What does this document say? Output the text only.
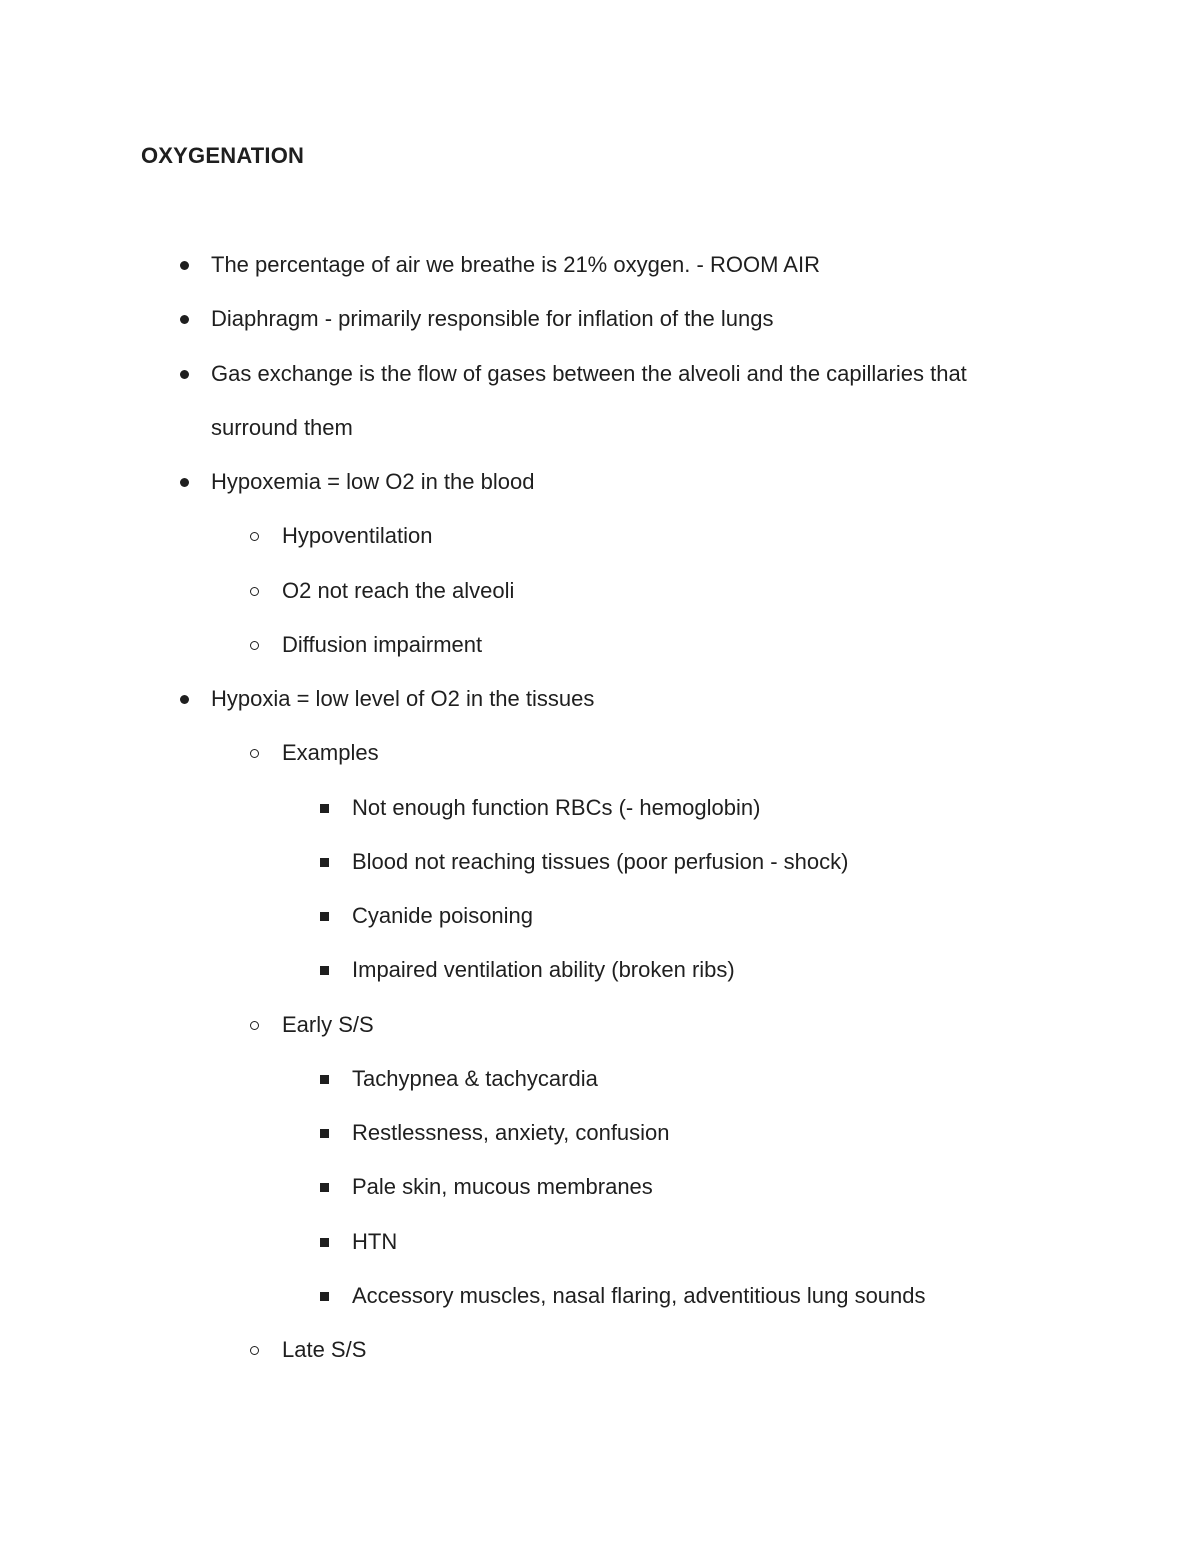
OXYGENATION
The percentage of air we breathe is 21% oxygen. - ROOM AIR
Diaphragm - primarily responsible for inflation of the lungs
Gas exchange is the flow of gases between the alveoli and the capillaries that
surround them
Hypoxemia = low O2 in the blood
Hypoventilation
O2 not reach the alveoli
Diffusion impairment
Hypoxia = low level of O2 in the tissues
Examples
Not enough function RBCs (- hemoglobin)
Blood not reaching tissues (poor perfusion - shock)
Cyanide poisoning
Impaired ventilation ability (broken ribs)
Early S/S
Tachypnea & tachycardia
Restlessness, anxiety, confusion
Pale skin, mucous membranes
HTN
Accessory muscles, nasal flaring, adventitious lung sounds
Late S/S
